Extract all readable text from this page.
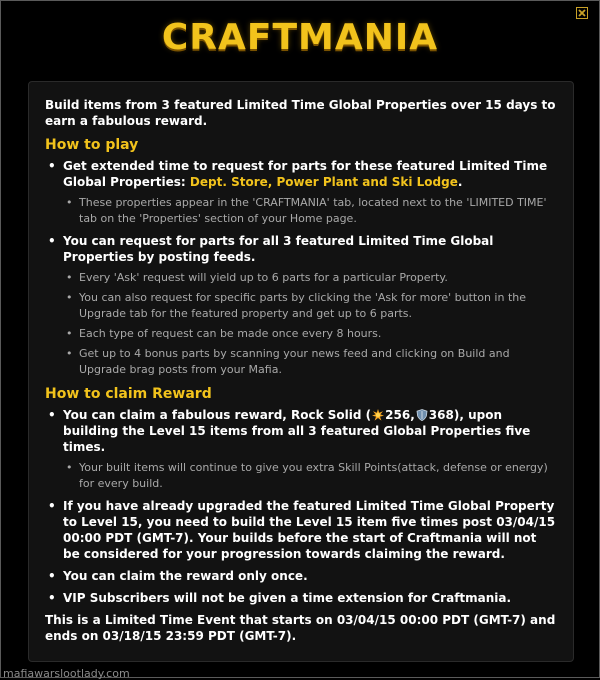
CRAFTMANIA
Build items from 3 featured Limited Time Global Properties over 15 days to earn a fabulous reward.
How to play
• Get extended time to request for parts for these featured Limited Time Global Properties: Dept. Store, Power Plant and Ski Lodge.
• These properties appear in the 'CRAFTMANIA' tab, located next to the 'LIMITED TIME' tab on the 'Properties' section of your Home page.
• You can request for parts for all 3 featured Limited Time Global Properties by posting feeds.
• Every 'Ask' request will yield up to 6 parts for a particular Property.
• You can also request for specific parts by clicking the 'Ask for more' button in the Upgrade tab for the featured property and get up to 6 parts.
• Each type of request can be made once every 8 hours.
• Get up to 4 bonus parts by scanning your news feed and clicking on Build and Upgrade brag posts from your Mafia.
How to claim Reward
• You can claim a fabulous reward, Rock Solid ( 256, 368), upon building the Level 15 items from all 3 featured Global Properties five times.
• Your built items will continue to give you extra Skill Points(attack, defense or energy) for every build.
• If you have already upgraded the featured Limited Time Global Property to Level 15, you need to build the Level 15 item five times post 03/04/15 00:00 PDT (GMT-7). Your builds before the start of Craftmania will not be considered for your progression towards claiming the reward.
• You can claim the reward only once.
• VIP Subscribers will not be given a time extension for Craftmania.
This is a Limited Time Event that starts on 03/04/15 00:00 PDT (GMT-7) and ends on 03/18/15 23:59 PDT (GMT-7).
mafiawarslootlady.com
